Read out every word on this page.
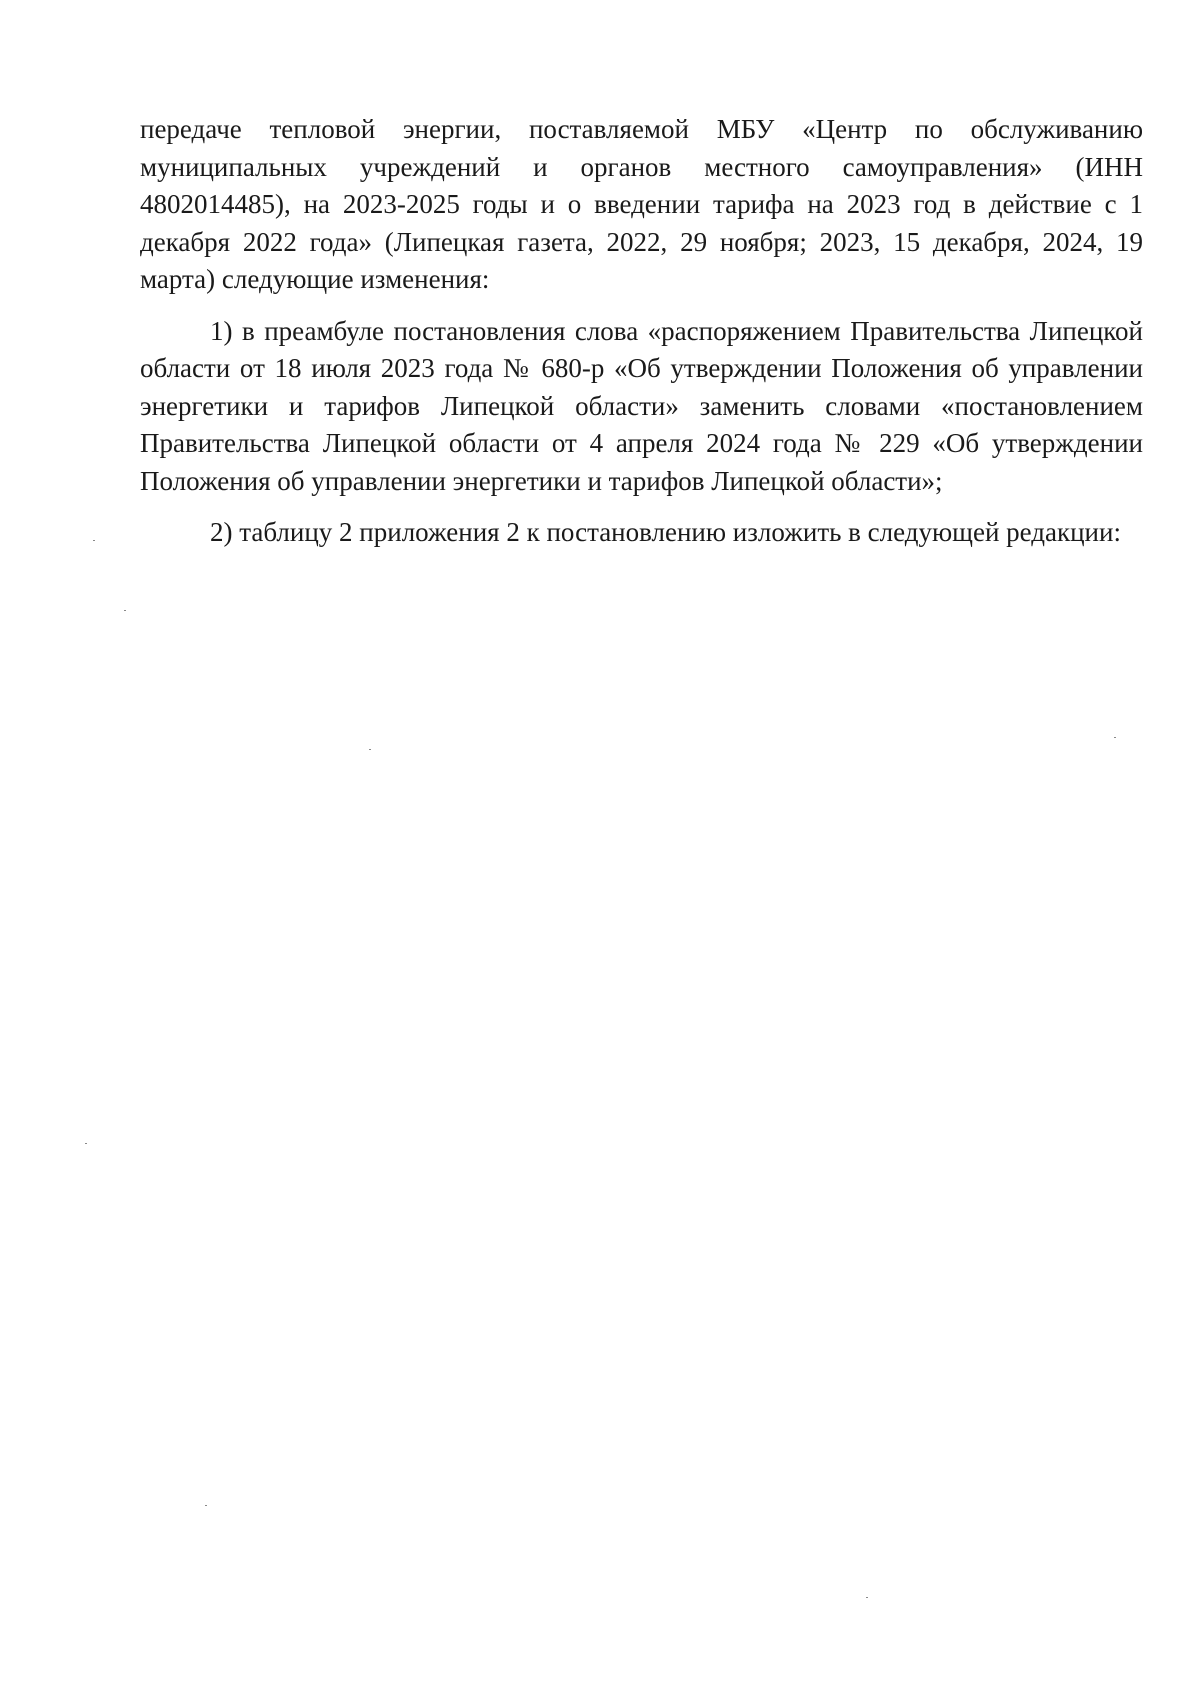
передаче тепловой энергии, поставляемой МБУ «Центр по обслуживанию муниципальных учреждений и органов местного самоуправления» (ИНН 4802014485), на 2023-2025 годы и о введении тарифа на 2023 год в действие с 1 декабря 2022 года» (Липецкая газета, 2022, 29 ноября; 2023, 15 декабря, 2024, 19 марта) следующие изменения:

1) в преамбуле постановления слова «распоряжением Правительства Липецкой области от 18 июля 2023 года № 680-р «Об утверждении Положения об управлении энергетики и тарифов Липецкой области» заменить словами «постановлением Правительства Липецкой области от 4 апреля 2024 года № 229 «Об утверждении Положения об управлении энергетики и тарифов Липецкой области»;

2) таблицу 2 приложения 2 к постановлению изложить в следующей редакции:
